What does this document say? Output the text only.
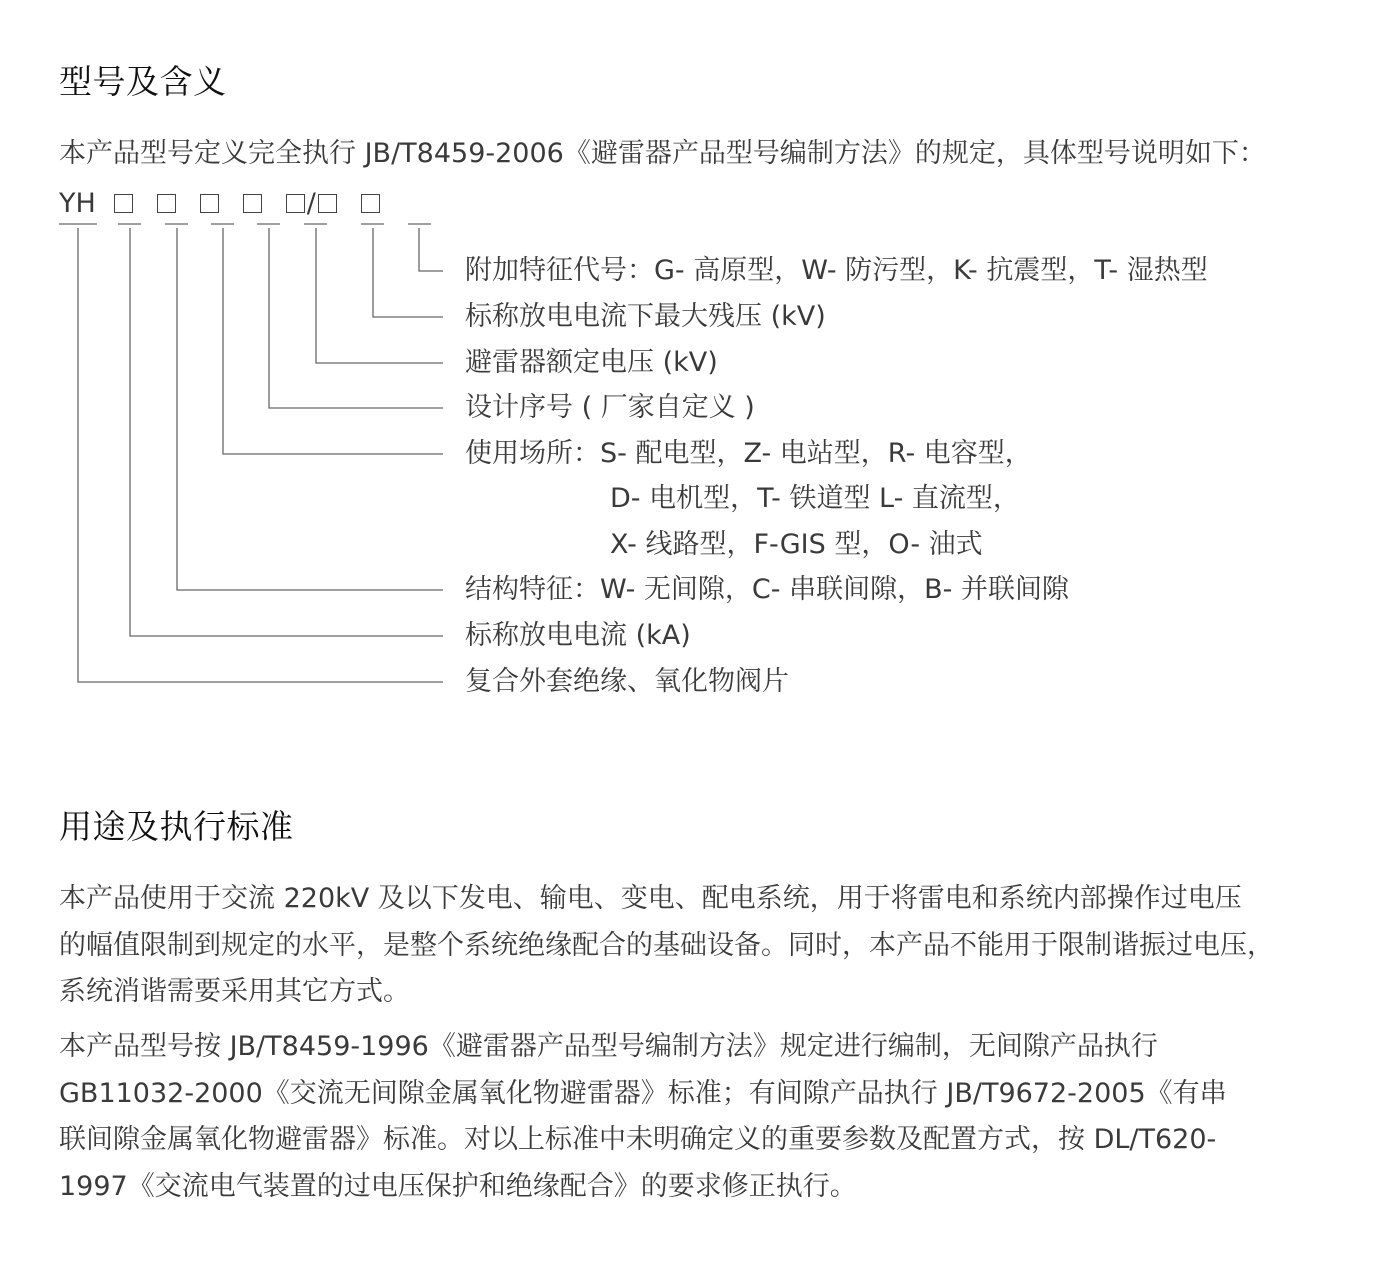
型号及含义

本产品型号定义完全执行 JB/T8459-2006《避雷器产品型号编制方法》的规定，具体型号说明如下：

YH	/
附加特征代号：G- 高原型，W- 防污型，K- 抗震型，T- 湿热型
标称放电电流下最大残压 (kV)
避雷器额定电压 (kV)
设计序号 ( 厂家自定义 )
使用场所：S- 配电型，Z- 电站型，R- 电容型，
D- 电机型，T- 铁道型 L- 直流型，
X- 线路型，F-GIS 型，O- 油式
结构特征：W- 无间隙，C- 串联间隙，B- 并联间隙
标称放电电流 (kA)
复合外套绝缘、氧化物阀片
用途及执行标准

本产品使用于交流 220kV 及以下发电、输电、变电、配电系统，用于将雷电和系统内部操作过电压
的幅值限制到规定的水平，是整个系统绝缘配合的基础设备。同时，本产品不能用于限制谐振过电压，
系统消谐需要采用其它方式。

本产品型号按 JB/T8459-1996《避雷器产品型号编制方法》规定进行编制，无间隙产品执行
GB11032-2000《交流无间隙金属氧化物避雷器》标准；有间隙产品执行 JB/T9672-2005《有串
联间隙金属氧化物避雷器》标准。对以上标准中未明确定义的重要参数及配置方式，按 DL/T620-
1997《交流电气装置的过电压保护和绝缘配合》的要求修正执行。
